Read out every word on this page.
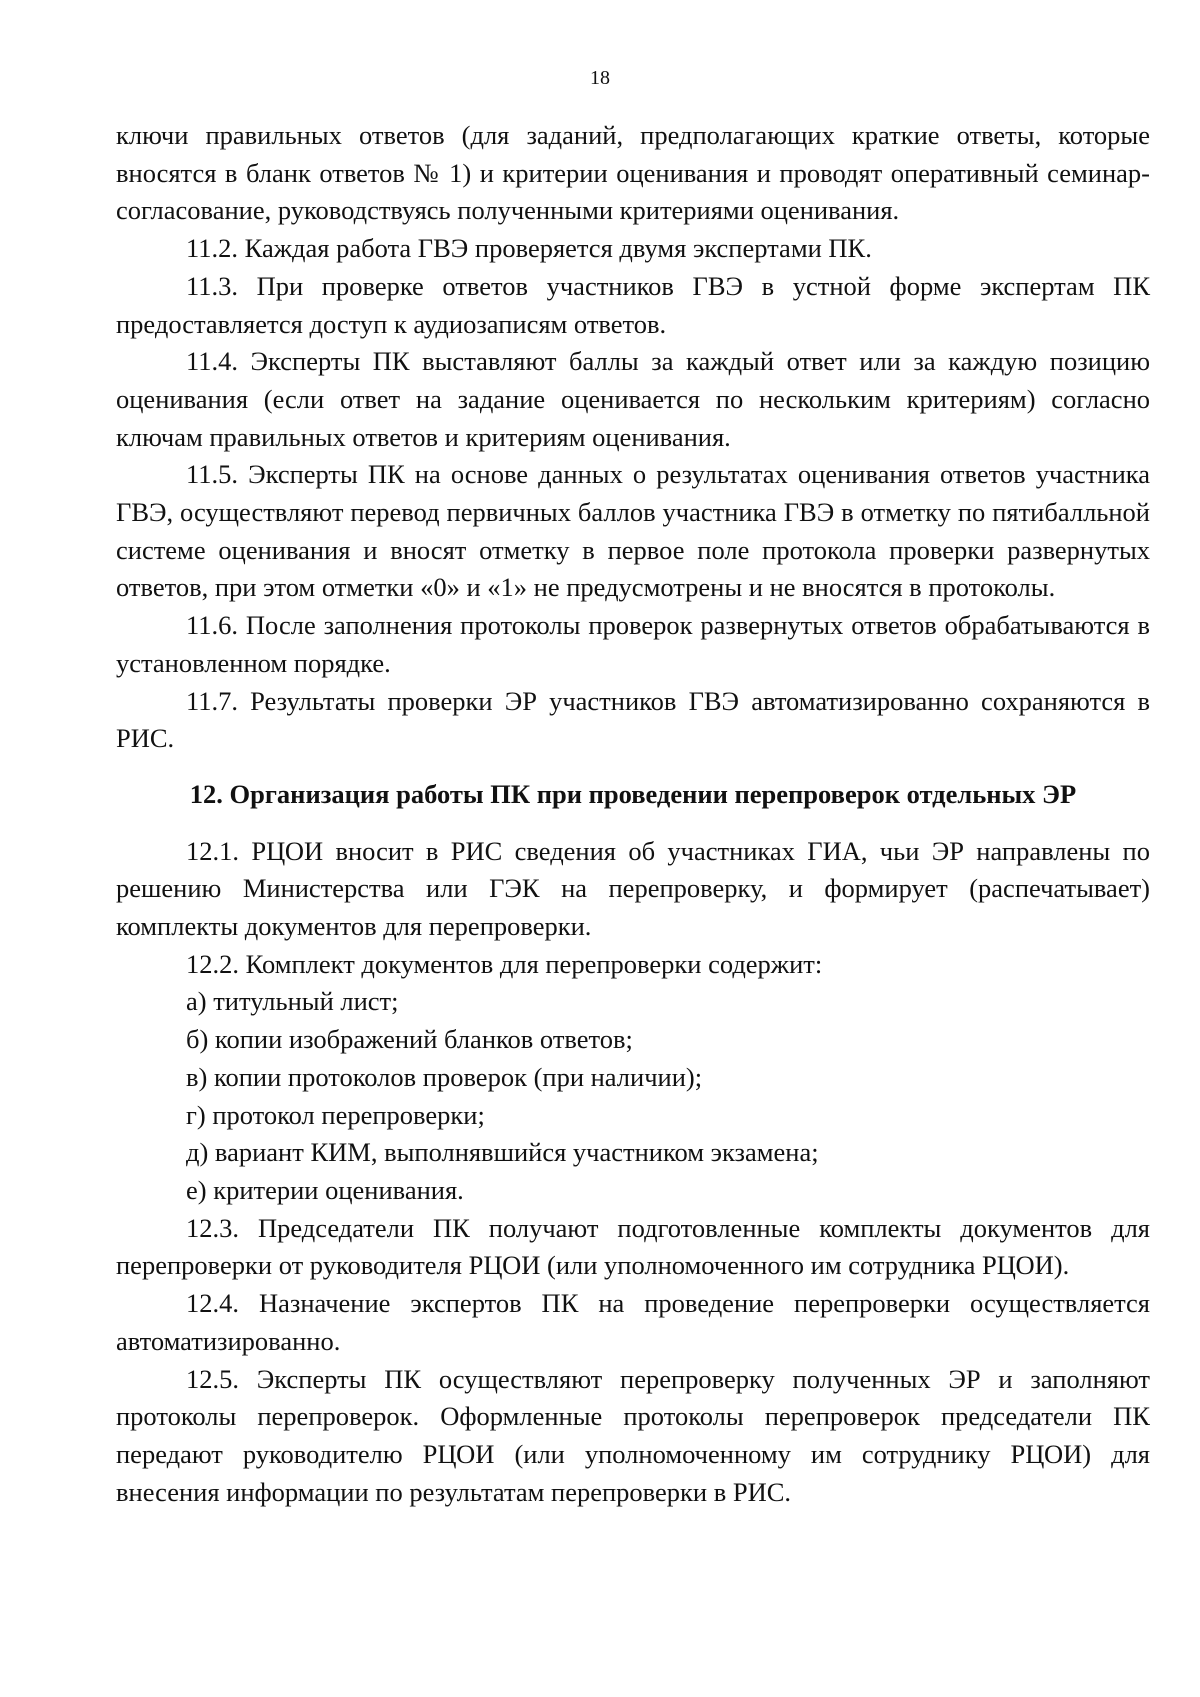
18

ключи правильных ответов (для заданий, предполагающих краткие ответы, которые вносятся в бланк ответов № 1) и критерии оценивания и проводят оперативный семинар-согласование, руководствуясь полученными критериями оценивания.

11.2. Каждая работа ГВЭ проверяется двумя экспертами ПК.

11.3. При проверке ответов участников ГВЭ в устной форме экспертам ПК предоставляется доступ к аудиозаписям ответов.

11.4. Эксперты ПК выставляют баллы за каждый ответ или за каждую позицию оценивания (если ответ на задание оценивается по нескольким критериям) согласно ключам правильных ответов и критериям оценивания.

11.5. Эксперты ПК на основе данных о результатах оценивания ответов участника ГВЭ, осуществляют перевод первичных баллов участника ГВЭ в отметку по пятибалльной системе оценивания и вносят отметку в первое поле протокола проверки развернутых ответов, при этом отметки «0» и «1» не предусмотрены и не вносятся в протоколы.

11.6. После заполнения протоколы проверок развернутых ответов обрабатываются в установленном порядке.

11.7. Результаты проверки ЭР участников ГВЭ автоматизированно сохраняются в РИС.

12. Организация работы ПК при проведении перепроверок отдельных ЭР

12.1. РЦОИ вносит в РИС сведения об участниках ГИА, чьи ЭР направлены по решению Министерства или ГЭК на перепроверку, и формирует (распечатывает) комплекты документов для перепроверки.

12.2. Комплект документов для перепроверки содержит:

а) титульный лист;

б) копии изображений бланков ответов;

в) копии протоколов проверок (при наличии);

г) протокол перепроверки;

д) вариант КИМ, выполнявшийся участником экзамена;

е) критерии оценивания.

12.3. Председатели ПК получают подготовленные комплекты документов для перепроверки от руководителя РЦОИ (или уполномоченного им сотрудника РЦОИ).

12.4. Назначение экспертов ПК на проведение перепроверки осуществляется автоматизированно.

12.5. Эксперты ПК осуществляют перепроверку полученных ЭР и заполняют протоколы перепроверок. Оформленные протоколы перепроверок председатели ПК передают руководителю РЦОИ (или уполномоченному им сотруднику РЦОИ) для внесения информации по результатам перепроверки в РИС.
